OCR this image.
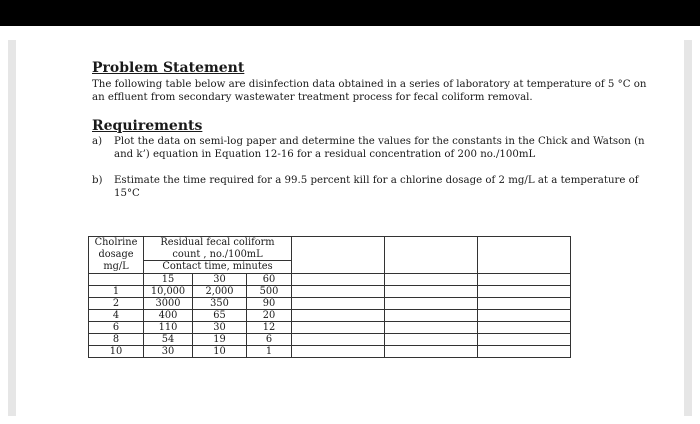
Problem Statement

The following table below are disinfection data obtained in a series of laboratory at temperature of 5 °C on an effluent from secondary wastewater treatment process for fecal coliform removal.

Requirements
a)	Plot the data on semi-log paper and determine the values for the constants in the Chick and Watson (n and k’) equation in Equation 12-16 for a residual concentration of 200 no./100mL
b)	Estimate the time required for a 99.5 percent kill for a chlorine dosage of 2 mg/L at a temperature of 15°C
Cholrine
dosage
mg/L	Residual fecal coliform					
	count , no./100mL					
	Contact time, minutes					
	15	30	60			
1	10,000	2,000	500			
2	3000	350	90			
4	400	65	20			
6	110	30	12			
8	54	19	6			
10	30	10	1			
